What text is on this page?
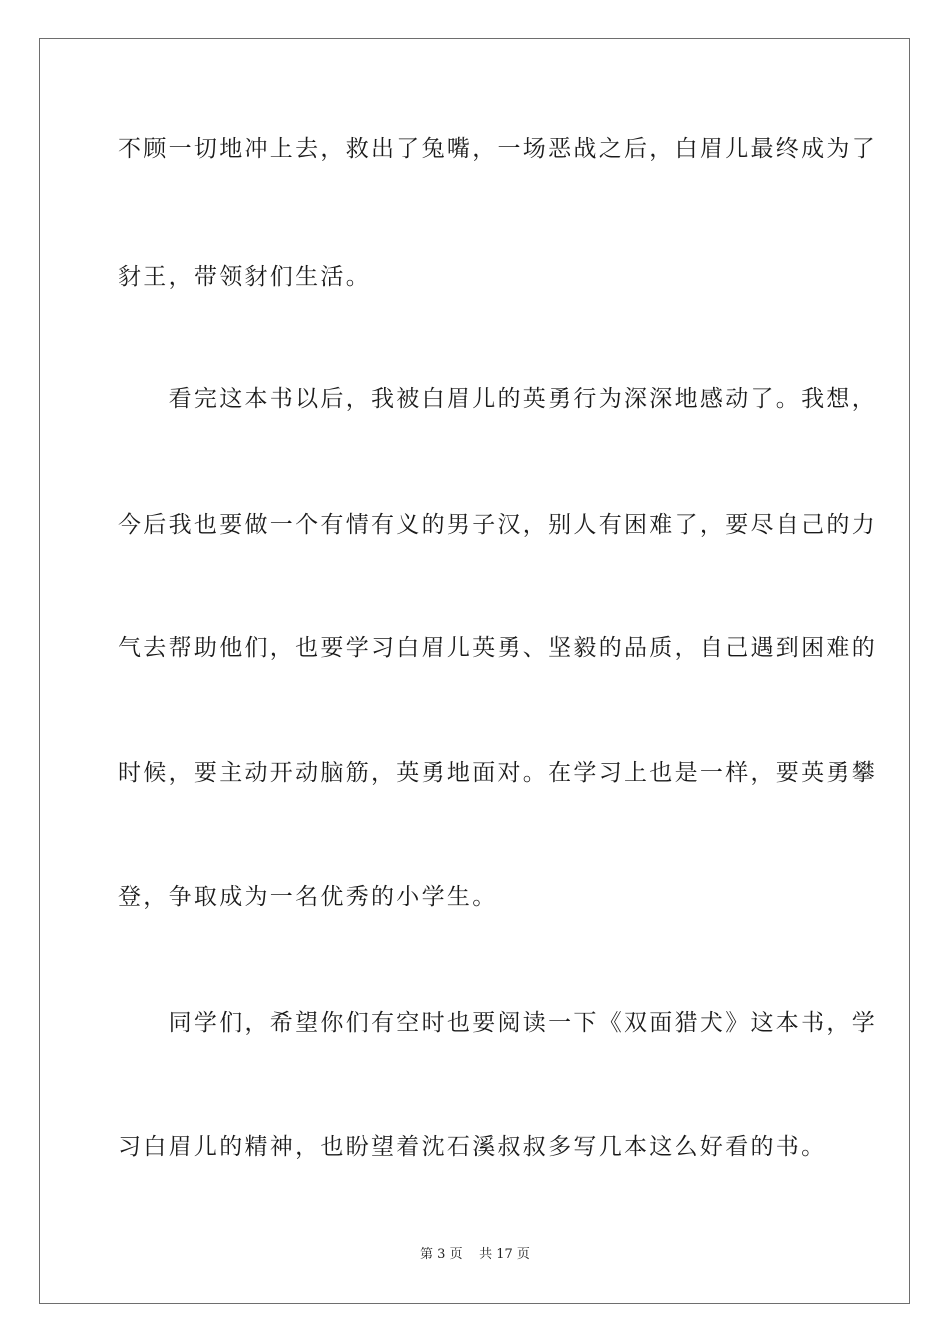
不顾一切地冲上去，救出了兔嘴，一场恶战之后，白眉儿最终成为了
豺王，带领豺们生活。
　　看完这本书以后，我被白眉儿的英勇行为深深地感动了。我想，
今后我也要做一个有情有义的男子汉，别人有困难了，要尽自己的力
气去帮助他们，也要学习白眉儿英勇、坚毅的品质，自己遇到困难的
时候，要主动开动脑筋，英勇地面对。在学习上也是一样，要英勇攀
登，争取成为一名优秀的小学生。
　　同学们，希望你们有空时也要阅读一下《双面猎犬》这本书，学
习白眉儿的精神，也盼望着沈石溪叔叔多写几本这么好看的书。
第 3 页 共 17 页
